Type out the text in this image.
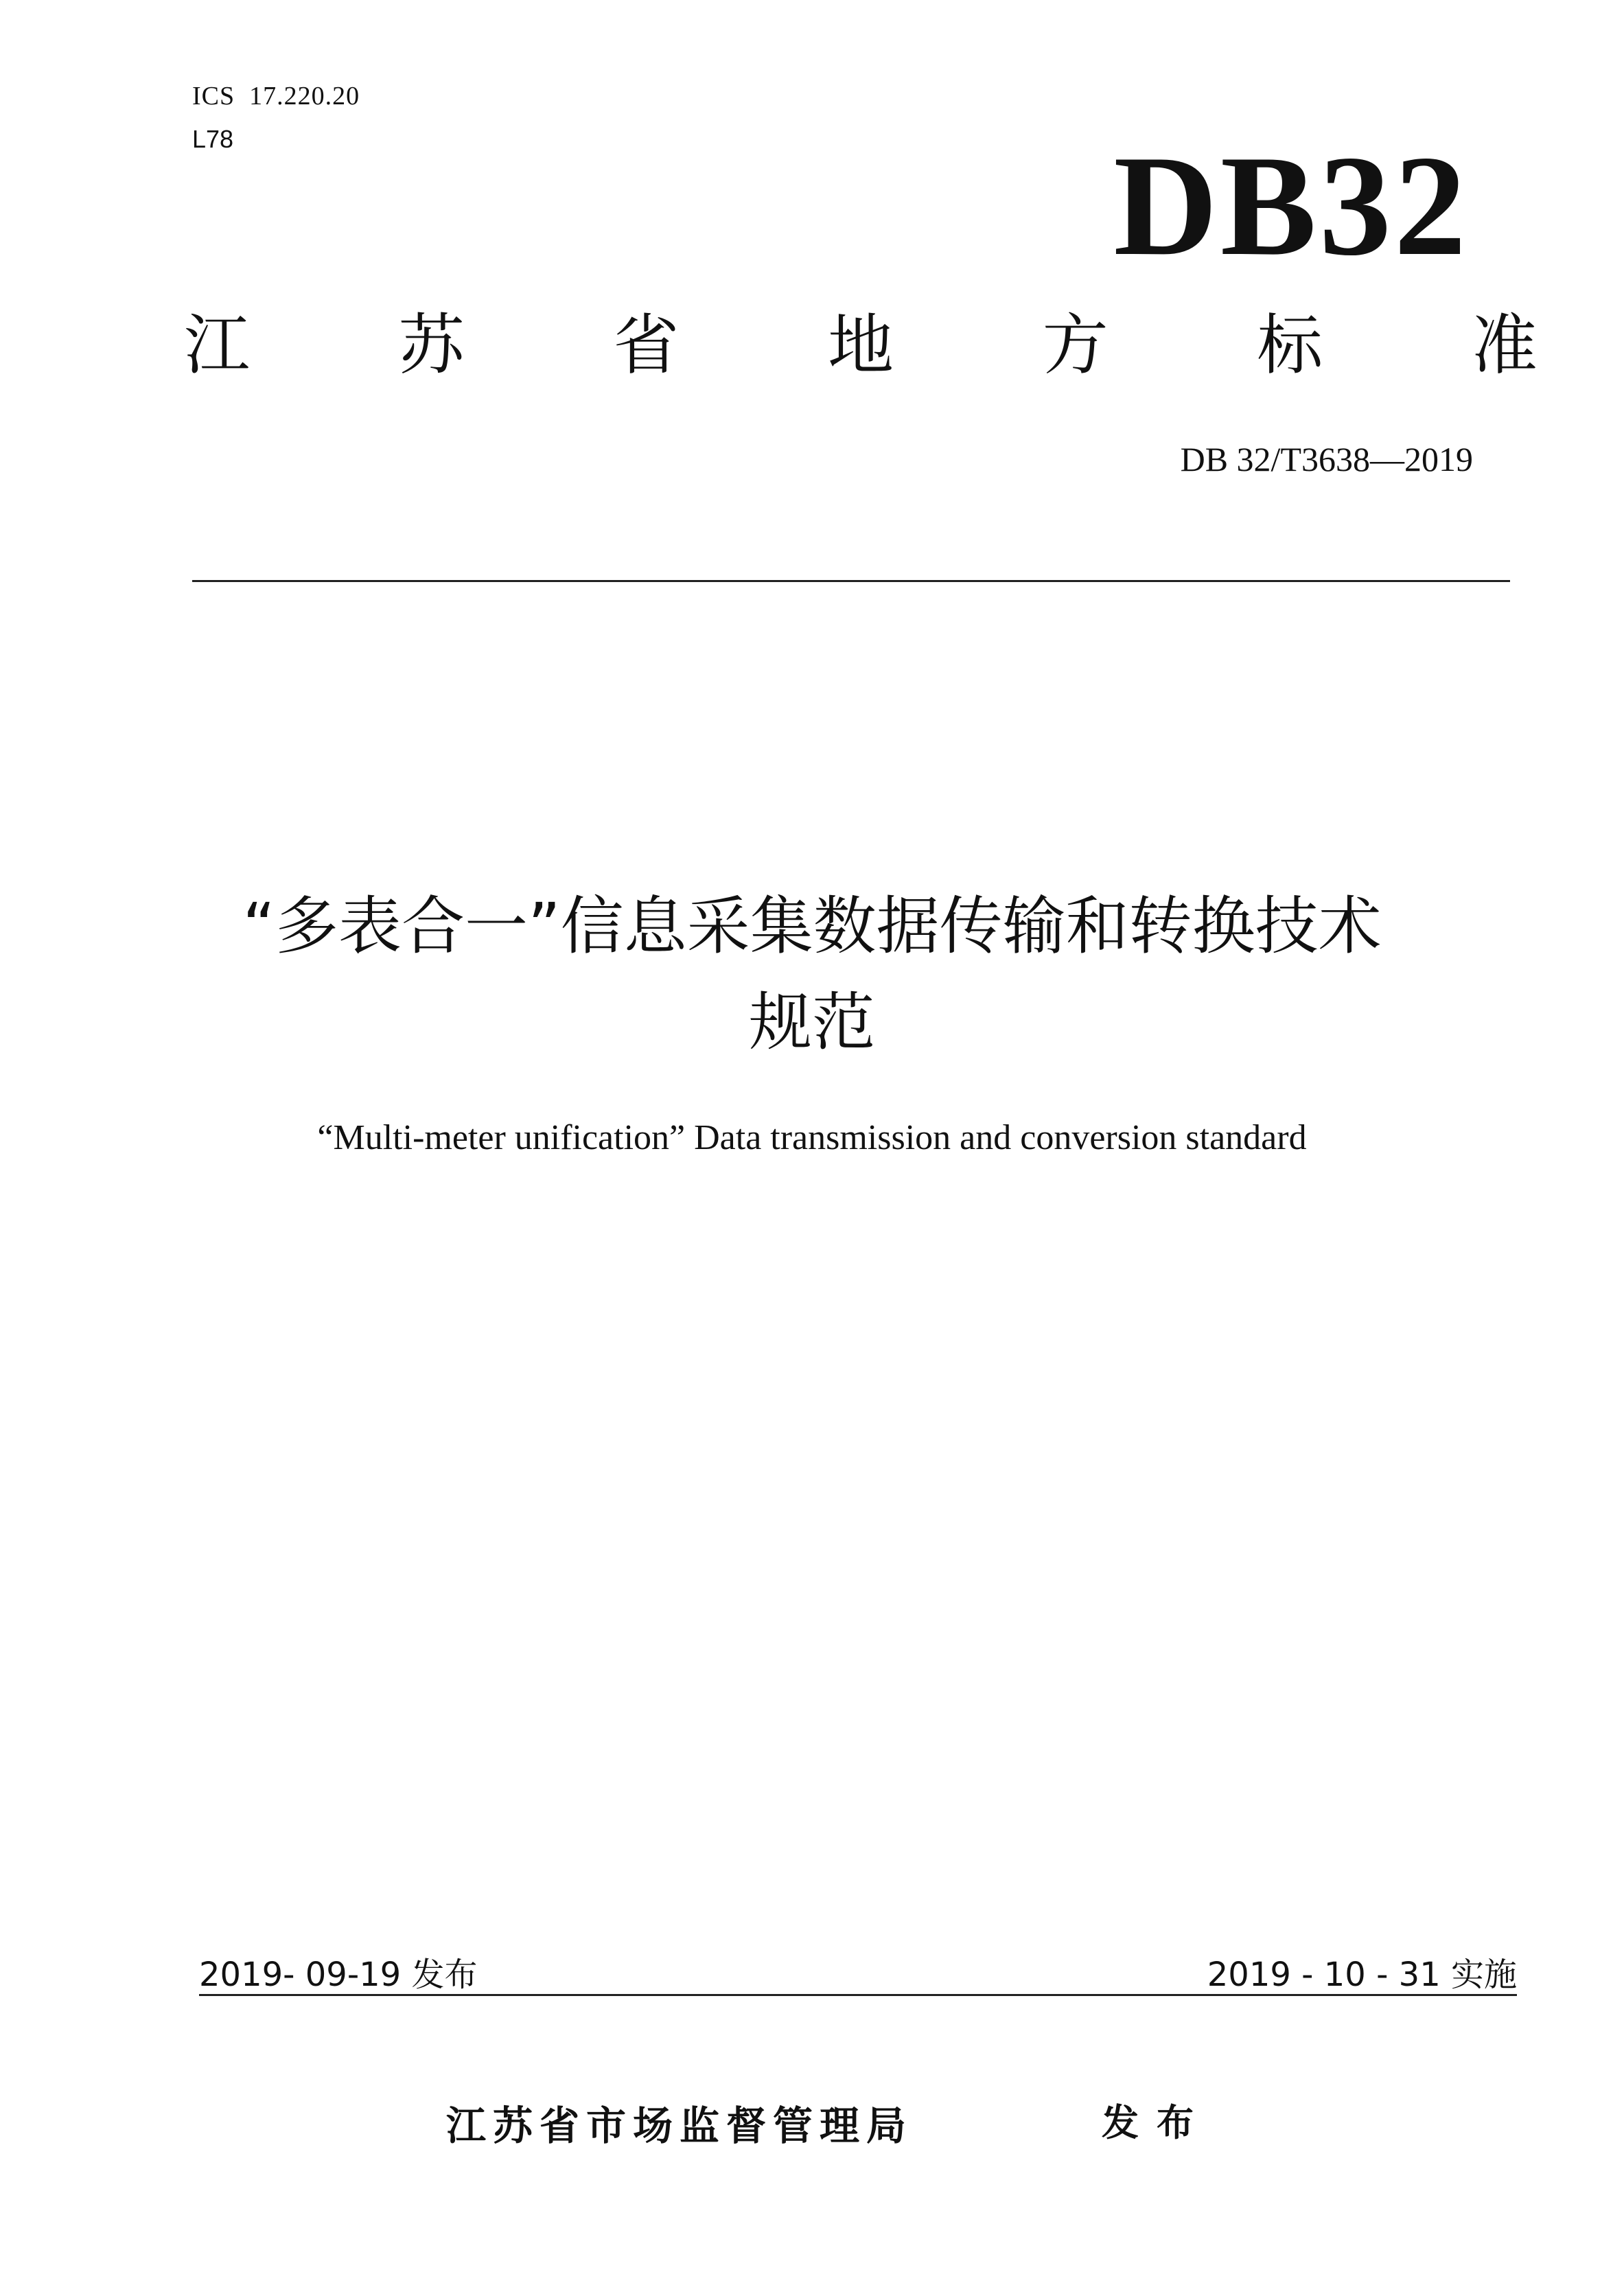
ICS  17.220.20
L78	DB32
江 苏 省 地 方 标 准
DB 32/T3638—2019
“多表合一”信息采集数据传输和转换技术
规范
“Multi-meter unification” Data transmission and conversion standard
2019- 09-19 发布	2019 - 10 - 31 实施
江苏省市场监督管理局	发布
